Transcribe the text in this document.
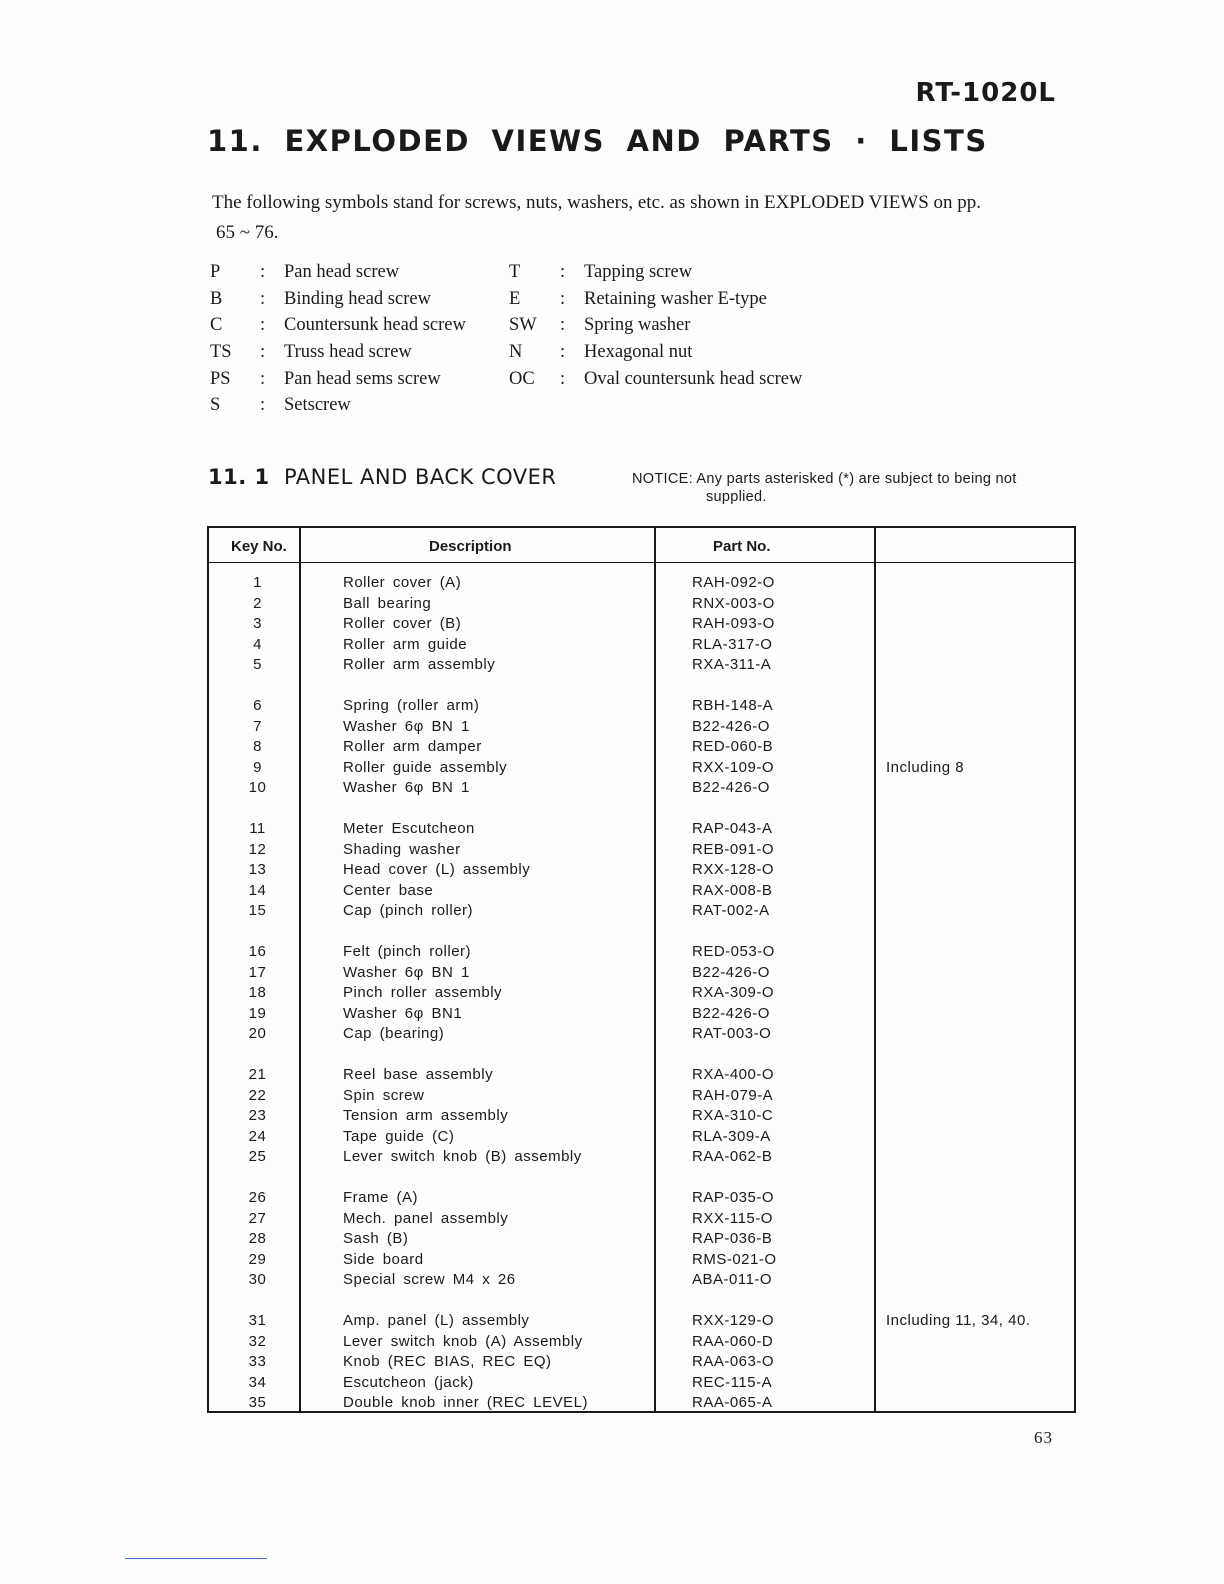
RT-1020L
11. EXPLODED VIEWS AND PARTS · LISTS
The following symbols stand for screws, nuts, washers, etc. as shown in EXPLODED VIEWS on pp.
65 ~ 76.
P : Pan head screw	T : Tapping screw
B : Binding head screw	E : Retaining washer E-type
C : Countersunk head screw SW : Spring washer
TS : Truss head screw	N : Hexagonal nut
PS : Pan head sems screw	OC : Oval countersunk head screw
S : Setscrew
11. 1 PANEL AND BACK COVER	NOTICE: Any parts asterisked (*) are subject to being not
supplied.
Key No.	Description	Part No.
1	Roller cover (A)	RAH-092-O
2	Ball bearing	RNX-003-O
3	Roller cover (B)	RAH-093-O
4	Roller arm guide	RLA-317-O
5	Roller arm assembly	RXA-311-A
6	Spring (roller arm)	RBH-148-A
7	Washer 6φ BN 1	B22-426-O
8	Roller arm damper	RED-060-B
9	Roller guide assembly	RXX-109-O	Including 8
10	Washer 6φ BN 1	B22-426-O
11	Meter Escutcheon	RAP-043-A
12	Shading washer	REB-091-O
13	Head cover (L) assembly	RXX-128-O
14	Center base	RAX-008-B
15	Cap (pinch roller)	RAT-002-A
16	Felt (pinch roller)	RED-053-O
17	Washer 6φ BN 1	B22-426-O
18	Pinch roller assembly	RXA-309-O
19	Washer 6φ BN1	B22-426-O
20	Cap (bearing)	RAT-003-O
21	Reel base assembly	RXA-400-O
22	Spin screw	RAH-079-A
23	Tension arm assembly	RXA-310-C
24	Tape guide (C)	RLA-309-A
25	Lever switch knob (B) assembly	RAA-062-B
26	Frame (A)	RAP-035-O
27	Mech. panel assembly	RXX-115-O
28	Sash (B)	RAP-036-B
29	Side board	RMS-021-O
30	Special screw M4 x 26	ABA-011-O
31	Amp. panel (L) assembly	RXX-129-O	Including 11, 34, 40.
32	Lever switch knob (A) Assembly	RAA-060-D
33	Knob (REC BIAS, REC EQ)	RAA-063-O
34	Escutcheon (jack)	REC-115-A
35	Double knob inner (REC LEVEL)	RAA-065-A
63
